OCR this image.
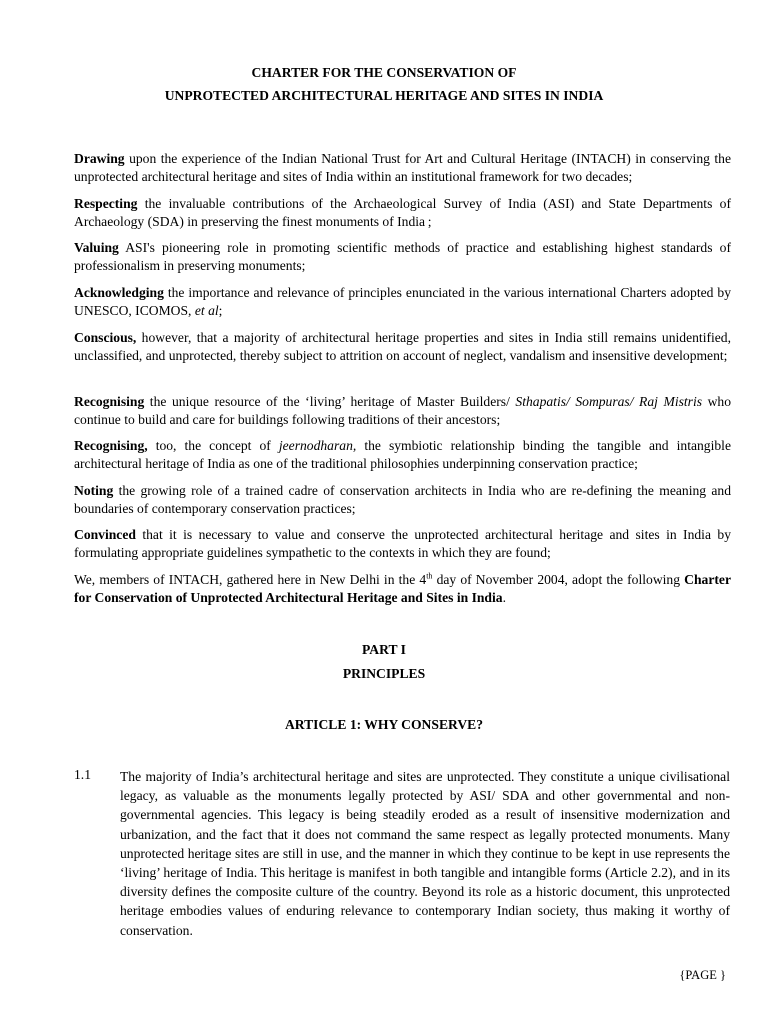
CHARTER FOR THE CONSERVATION OF
UNPROTECTED ARCHITECTURAL HERITAGE AND SITES IN INDIA
Drawing upon the experience of the Indian National Trust for Art and Cultural Heritage (INTACH) in conserving the unprotected architectural heritage and sites of India within an institutional framework for two decades;
Respecting the invaluable contributions of the Archaeological Survey of India (ASI) and State Departments of Archaeology (SDA) in preserving the finest monuments of India ;
Valuing ASI's pioneering role in promoting scientific methods of practice and establishing highest standards of professionalism in preserving monuments;
Acknowledging the importance and relevance of principles enunciated in the various international Charters adopted by UNESCO, ICOMOS, et al;
Conscious, however, that a majority of architectural heritage properties and sites in India still remains unidentified, unclassified, and unprotected, thereby subject to attrition on account of neglect, vandalism and insensitive development;
Recognising the unique resource of the ‘living’ heritage of Master Builders/ Sthapatis/ Sompuras/ Raj Mistris who continue to build and care for buildings following traditions of their ancestors;
Recognising, too, the concept of jeernodharan, the symbiotic relationship binding the tangible and intangible architectural heritage of India as one of the traditional philosophies underpinning conservation practice;
Noting the growing role of a trained cadre of conservation architects in India who are re-defining the meaning and boundaries of contemporary conservation practices;
Convinced that it is necessary to value and conserve the unprotected architectural heritage and sites in India by formulating appropriate guidelines sympathetic to the contexts in which they are found;
We, members of INTACH, gathered here in New Delhi in the 4th day of November 2004, adopt the following Charter for Conservation of Unprotected Architectural Heritage and Sites in India.
PART I
PRINCIPLES
ARTICLE 1: WHY CONSERVE?
1.1 The majority of India’s architectural heritage and sites are unprotected. They constitute a unique civilisational legacy, as valuable as the monuments legally protected by ASI/ SDA and other governmental and non-governmental agencies. This legacy is being steadily eroded as a result of insensitive modernization and urbanization, and the fact that it does not command the same respect as legally protected monuments. Many unprotected heritage sites are still in use, and the manner in which they continue to be kept in use represents the ‘living’ heritage of India. This heritage is manifest in both tangible and intangible forms (Article 2.2), and in its diversity defines the composite culture of the country. Beyond its role as a historic document, this unprotected heritage embodies values of enduring relevance to contemporary Indian society, thus making it worthy of conservation.
{PAGE }
